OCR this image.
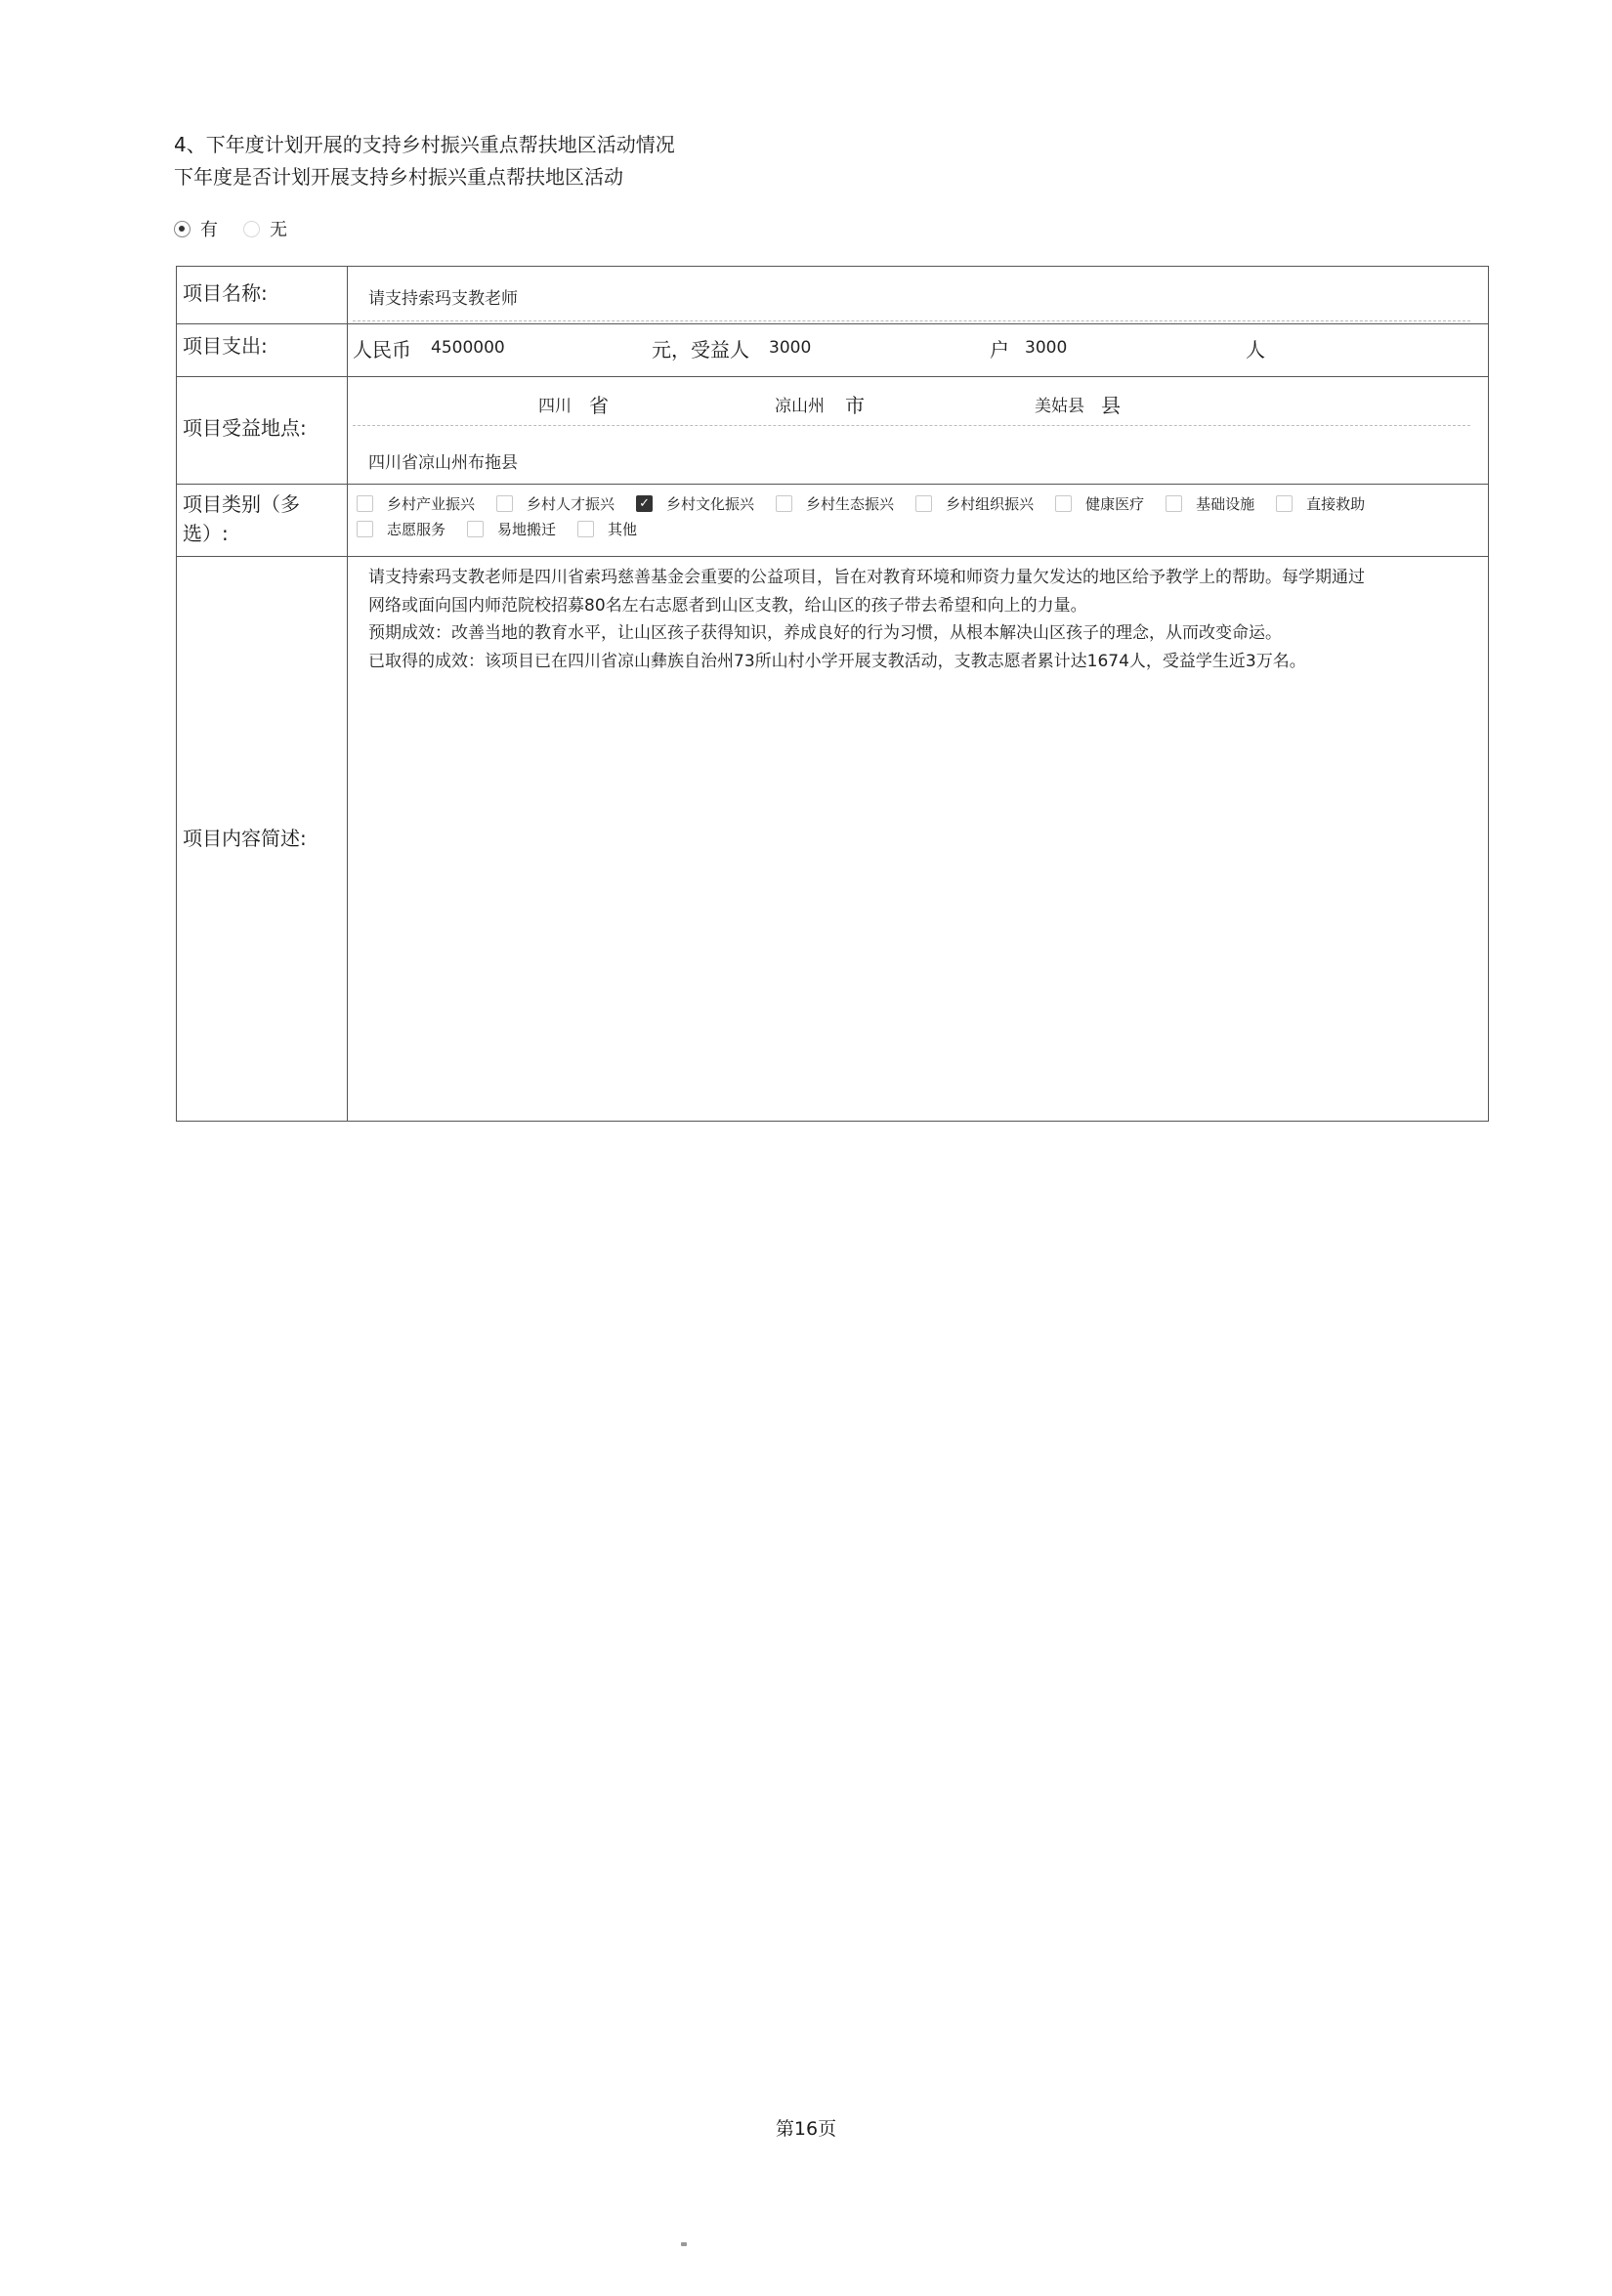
4、下年度计划开展的支持乡村振兴重点帮扶地区活动情况
下年度是否计划开展支持乡村振兴重点帮扶地区活动
有	无
项目名称:	请支持索玛支教老师
项目支出:	人民币 4500000	元，受益人 3000	户 3000	人
项目受益地点:
四川 省	凉山州 市	美姑县 县
四川省凉山州布拖县
项目类别（多选）:
乡村产业振兴	乡村人才振兴 ✓ 乡村文化振兴	乡村生态振兴	乡村组织振兴	健康医疗	基础设施	直接救助
志愿服务	易地搬迁	其他
项目内容简述:

请支持索玛支教老师是四川省索玛慈善基金会重要的公益项目，旨在对教育环境和师资力量欠发达的地区给予教学上的帮助。每学期通过

网络或面向国内师范院校招募80名左右志愿者到山区支教，给山区的孩子带去希望和向上的力量。

预期成效：改善当地的教育水平，让山区孩子获得知识，养成良好的行为习惯，从根本解决山区孩子的理念，从而改变命运。

已取得的成效：该项目已在四川省凉山彝族自治州73所山村小学开展支教活动，支教志愿者累计达1674人，受益学生近3万名。

第16页
